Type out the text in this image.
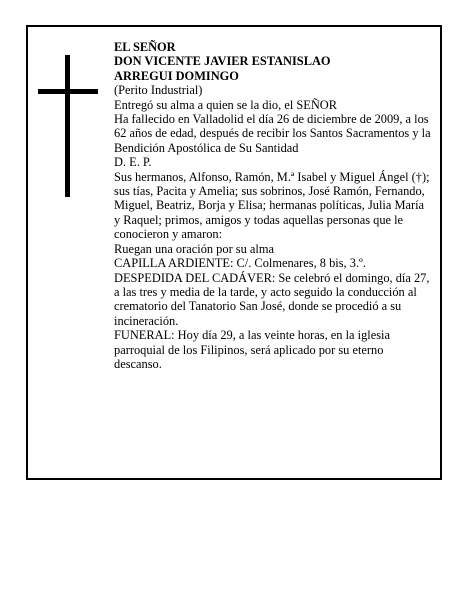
EL SEÑOR

DON VICENTE JAVIER ESTANISLAO

ARREGUI DOMINGO

(Perito Industrial)

Entregó su alma a quien se la dio, el SEÑOR

Ha fallecido en Valladolid el día 26 de diciembre de 2009, a los 62 años de edad, después de recibir los Santos Sacramentos y la Bendición Apostólica de Su Santidad

D. E. P.

Sus hermanos, Alfonso, Ramón, M.ª Isabel y Miguel Ángel (†); sus tías, Pacita y Amelia; sus sobrinos, José Ramón, Fernando, Miguel, Beatriz, Borja y Elisa; hermanas políticas, Julia María y Raquel; primos, amigos y todas aquellas personas que le conocieron y amaron:

Ruegan una oración por su alma

CAPILLA ARDIENTE: C/. Colmenares, 8 bis, 3.º.

DESPEDIDA DEL CADÁVER: Se celebró el domingo, día 27, a las tres y media de la tarde, y acto seguido la conducción al crematorio del Tanatorio San José, donde se procedió a su incineración.

FUNERAL: Hoy día 29, a las veinte horas, en la iglesia parroquial de los Filipinos, será aplicado por su eterno descanso.
